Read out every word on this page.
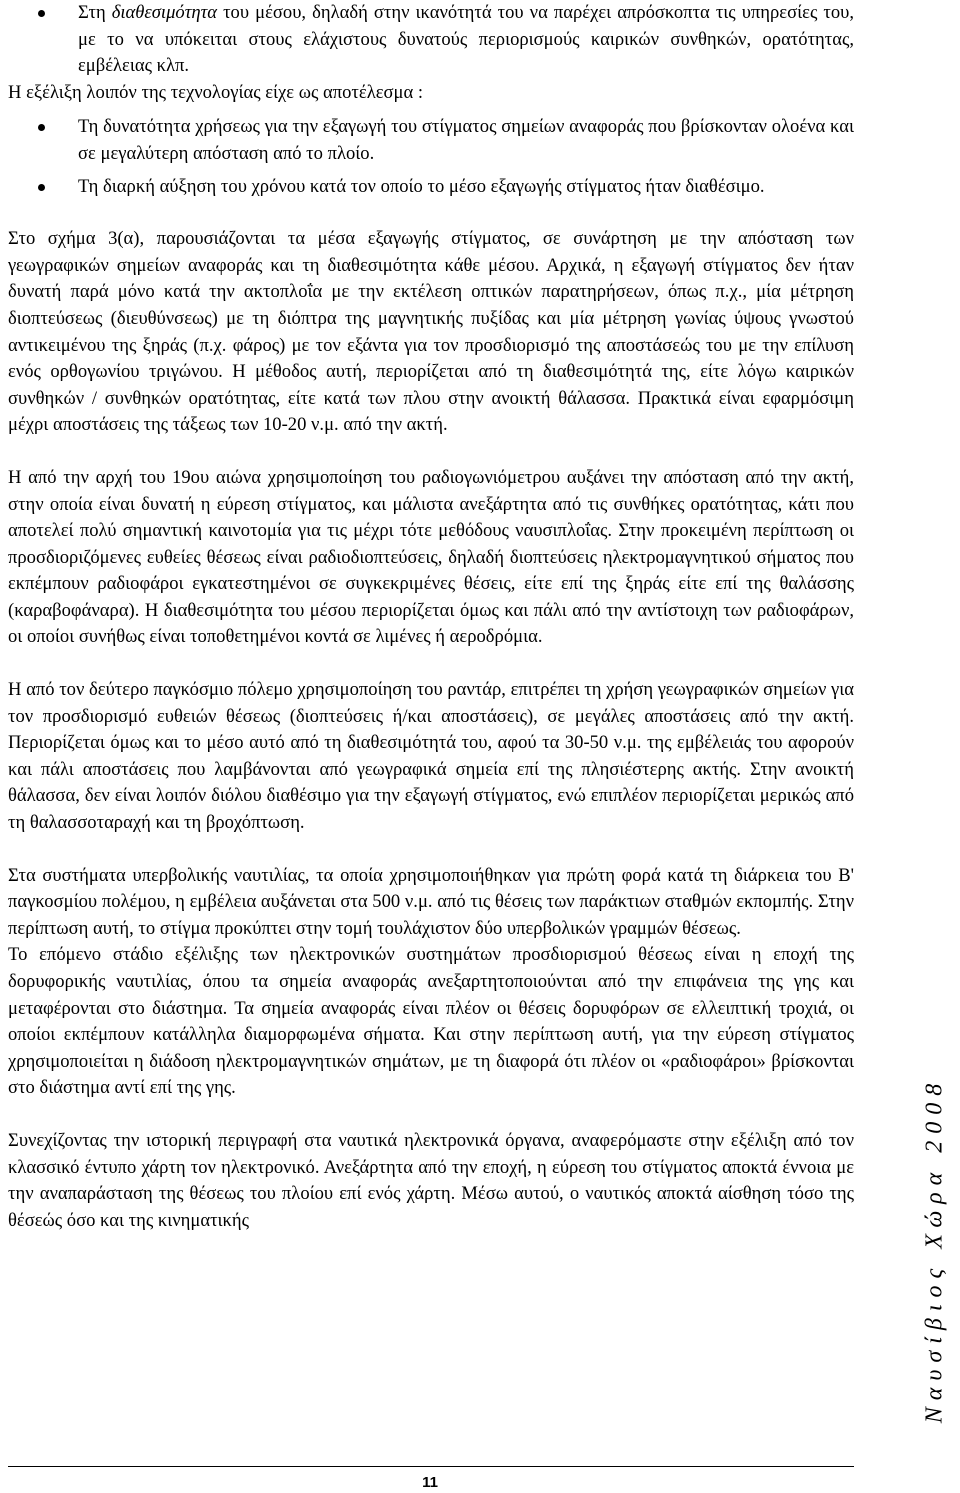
Στη διαθεσιμότητα του μέσου, δηλαδή στην ικανότητά του να παρέχει απρόσκοπτα τις υπηρεσίες του, με το να υπόκειται στους ελάχιστους δυνατούς περιορισμούς καιρικών συνθηκών, ορατότητας, εμβέλειας κλπ.

Η εξέλιξη λοιπόν της τεχνολογίας είχε ως αποτέλεσμα :

Τη δυνατότητα χρήσεως για την εξαγωγή του στίγματος σημείων αναφοράς που βρίσκονταν ολοένα και σε μεγαλύτερη απόσταση από το πλοίο.
Τη διαρκή αύξηση του χρόνου κατά τον οποίο το μέσο εξαγωγής στίγματος ήταν διαθέσιμο.

Στο σχήμα 3(α), παρουσιάζονται τα μέσα εξαγωγής στίγματος, σε συνάρτηση με την απόσταση των γεωγραφικών σημείων αναφοράς και τη διαθεσιμότητα κάθε μέσου. Αρχικά, η εξαγωγή στίγματος δεν ήταν δυνατή παρά μόνο κατά την ακτοπλοΐα με την εκτέλεση οπτικών παρατηρήσεων, όπως π.χ., μία μέτρηση διοπτεύσεως (διευθύνσεως) με τη διόπτρα της μαγνητικής πυξίδας και μία μέτρηση γωνίας ύψους γνωστού αντικειμένου της ξηράς (π.χ. φάρος) με τον εξάντα για τον προσδιορισμό της αποστάσεώς του με την επίλυση ενός ορθογωνίου τριγώνου. Η μέθοδος αυτή, περιορίζεται από τη διαθεσιμότητά της, είτε λόγω καιρικών συνθηκών / συνθηκών ορατότητας, είτε κατά των πλου στην ανοικτή θάλασσα. Πρακτικά είναι εφαρμόσιμη μέχρι αποστάσεις της τάξεως των 10-20 ν.μ. από την ακτή.

Η από την αρχή του 19ου αιώνα χρησιμοποίηση του ραδιογωνιόμετρου αυξάνει την απόσταση από την ακτή, στην οποία είναι δυνατή η εύρεση στίγματος, και μάλιστα ανεξάρτητα από τις συνθήκες ορατότητας, κάτι που αποτελεί πολύ σημαντική καινοτομία για τις μέχρι τότε μεθόδους ναυσιπλοΐας. Στην προκειμένη περίπτωση οι προσδιοριζόμενες ευθείες θέσεως είναι ραδιοδιοπτεύσεις, δηλαδή διοπτεύσεις ηλεκτρομαγνητικού σήματος που εκπέμπουν ραδιοφάροι εγκατεστημένοι σε συγκεκριμένες θέσεις, είτε επί της ξηράς είτε επί της θαλάσσης (καραβοφάναρα). Η διαθεσιμότητα του μέσου περιορίζεται όμως και πάλι από την αντίστοιχη των ραδιοφάρων, οι οποίοι συνήθως είναι τοποθετημένοι κοντά σε λιμένες ή αεροδρόμια.

Η από τον δεύτερο παγκόσμιο πόλεμο χρησιμοποίηση του ραντάρ, επιτρέπει τη χρήση γεωγραφικών σημείων για τον προσδιορισμό ευθειών θέσεως (διοπτεύσεις ή/και αποστάσεις), σε μεγάλες αποστάσεις από την ακτή. Περιορίζεται όμως και το μέσο αυτό από τη διαθεσιμότητά του, αφού τα 30-50 ν.μ. της εμβέλειάς του αφορούν και πάλι αποστάσεις που λαμβάνονται από γεωγραφικά σημεία επί της πλησιέστερης ακτής. Στην ανοικτή θάλασσα, δεν είναι λοιπόν διόλου διαθέσιμο για την εξαγωγή στίγματος, ενώ επιπλέον περιορίζεται μερικώς από τη θαλασσοταραχή και τη βροχόπτωση.

Στα συστήματα υπερβολικής ναυτιλίας, τα οποία χρησιμοποιήθηκαν για πρώτη φορά κατά τη διάρκεια του Β' παγκοσμίου πολέμου, η εμβέλεια αυξάνεται στα 500 ν.μ. από τις θέσεις των παράκτιων σταθμών εκπομπής. Στην περίπτωση αυτή, το στίγμα προκύπτει στην τομή τουλάχιστον δύο υπερβολικών γραμμών θέσεως.

Το επόμενο στάδιο εξέλιξης των ηλεκτρονικών συστημάτων προσδιορισμού θέσεως είναι η εποχή της δορυφορικής ναυτιλίας, όπου τα σημεία αναφοράς ανεξαρτητοποιούνται από την επιφάνεια της γης και μεταφέρονται στο διάστημα. Τα σημεία αναφοράς είναι πλέον οι θέσεις δορυφόρων σε ελλειπτική τροχιά, οι οποίοι εκπέμπουν κατάλληλα διαμορφωμένα σήματα. Και στην περίπτωση αυτή, για την εύρεση στίγματος χρησιμοποιείται η διάδοση ηλεκτρομαγνητικών σημάτων, με τη διαφορά ότι πλέον οι «ραδιοφάροι» βρίσκονται στο διάστημα αντί επί της γης.

Συνεχίζοντας την ιστορική περιγραφή στα ναυτικά ηλεκτρονικά όργανα, αναφερόμαστε στην εξέλιξη από τον κλασσικό έντυπο χάρτη τον ηλεκτρονικό. Ανεξάρτητα από την εποχή, η εύρεση του στίγματος αποκτά έννοια με την αναπαράσταση της θέσεως του πλοίου επί ενός χάρτη. Μέσω αυτού, ο ναυτικός αποκτά αίσθηση τόσο της θέσεώς όσο και της κινηματικής

11
Ναυσίβιος Χώρα 2008
